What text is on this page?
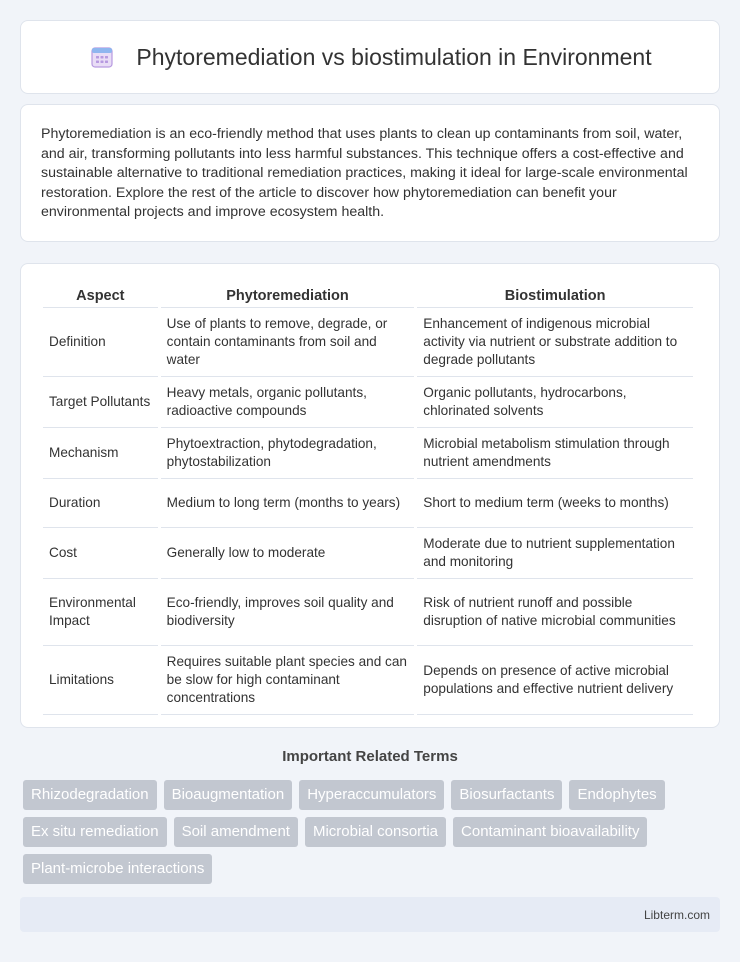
Phytoremediation vs biostimulation in Environment

Phytoremediation is an eco-friendly method that uses plants to clean up contaminants from soil, water, and air, transforming pollutants into less harmful substances. This technique offers a cost-effective and sustainable alternative to traditional remediation practices, making it ideal for large-scale environmental restoration. Explore the rest of the article to discover how phytoremediation can benefit your environmental projects and improve ecosystem health.

Aspect	Phytoremediation	Biostimulation
Definition	Use of plants to remove, degrade, or contain contaminants from soil and water	Enhancement of indigenous microbial activity via nutrient or substrate addition to degrade pollutants
Target Pollutants	Heavy metals, organic pollutants, radioactive compounds	Organic pollutants, hydrocarbons, chlorinated solvents
Mechanism	Phytoextraction, phytodegradation, phytostabilization	Microbial metabolism stimulation through nutrient amendments
Duration	Medium to long term (months to years)	Short to medium term (weeks to months)
Cost	Generally low to moderate	Moderate due to nutrient supplementation and monitoring
Environmental Impact	Eco-friendly, improves soil quality and biodiversity	Risk of nutrient runoff and possible disruption of native microbial communities
Limitations	Requires suitable plant species and can be slow for high contaminant concentrations	Depends on presence of active microbial populations and effective nutrient delivery
Important Related Terms
Rhizodegradation	Bioaugmentation	Hyperaccumulators	Biosurfactants	Endophytes
Ex situ remediation	Soil amendment	Microbial consortia	Contaminant bioavailability
Plant-microbe interactions
Libterm.com
